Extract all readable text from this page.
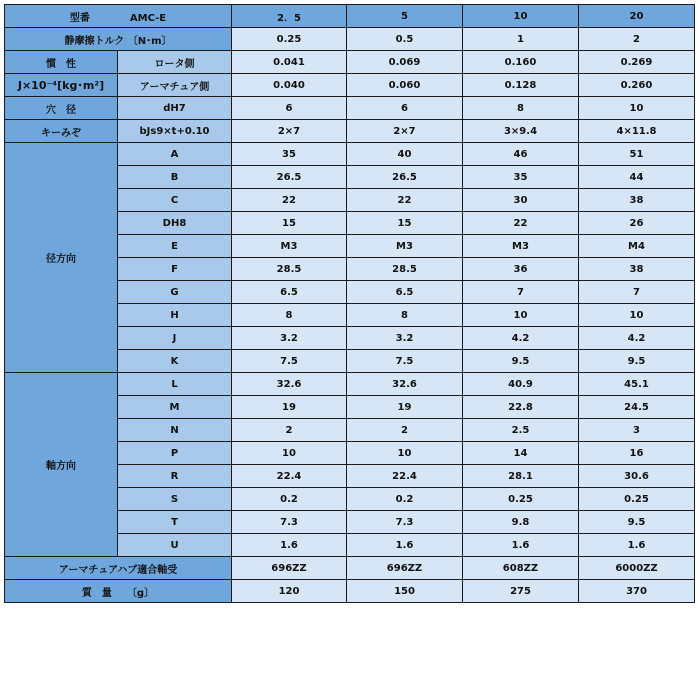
型番 AMC-E		2．5	5	10	20
静摩擦トルク 〔N･m〕		0.25	0.5	1	2
慣　性	ロータ側	0.041	0.069	0.160	0.269
J×10⁻⁴[kg･m²]	アーマチュア側	0.040	0.060	0.128	0.260
穴　径	dH7	6	6	8	10
キーみぞ	bJs9×t+0.10	2×7	2×7	3×9.4	4×11.8
径方向	A	35	40	46	51
	B	26.5	26.5	35	44
	C	22	22	30	38
	DH8	15	15	22	26
	E	M3	M3	M3	M4
	F	28.5	28.5	36	38
	G	6.5	6.5	7	7
	H	8	8	10	10
	J	3.2	3.2	4.2	4.2
	K	7.5	7.5	9.5	9.5
軸方向	L	32.6	32.6	40.9	45.1
	M	19	19	22.8	24.5
	N	2	2	2.5	3
	P	10	10	14	16
	R	22.4	22.4	28.1	30.6
	S	0.2	0.2	0.25	0.25
	T	7.3	7.3	9.8	9.5
	U	1.6	1.6	1.6	1.6
アーマチュアハブ適合軸受		696ZZ	696ZZ	608ZZ	6000ZZ
質　量　　〔g〕		120	150	275	370
